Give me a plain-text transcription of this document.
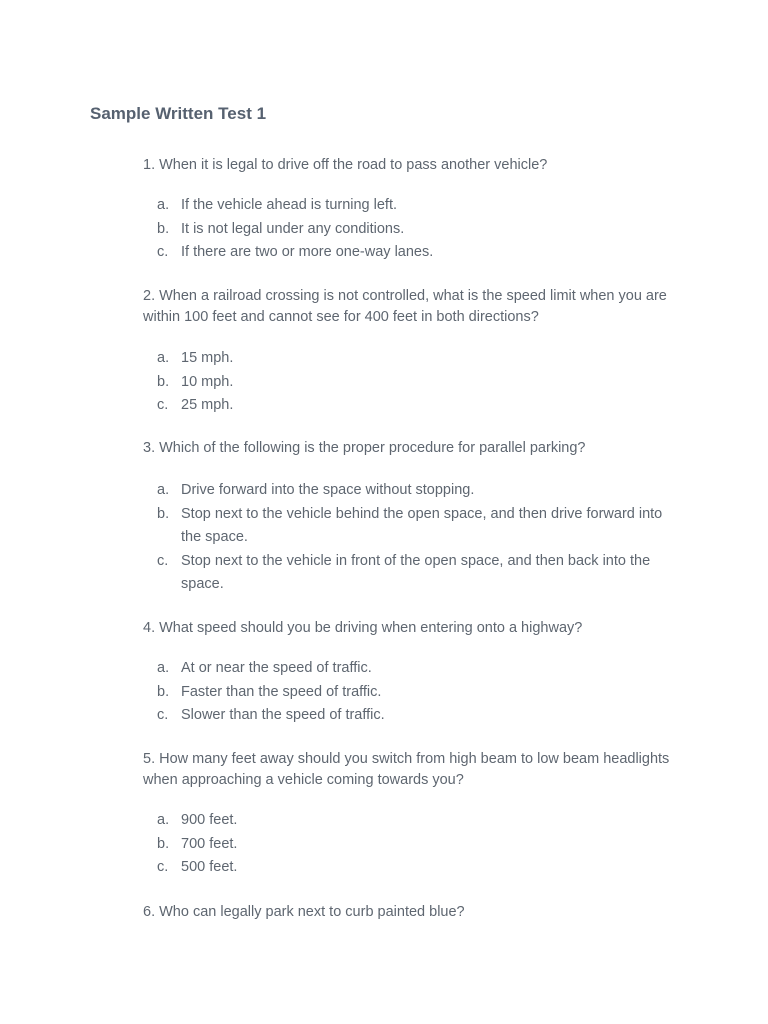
Sample Written Test 1

1. When it is legal to drive off the road to pass another vehicle?

a. If the vehicle ahead is turning left.
b. It is not legal under any conditions.
c. If there are two or more one-way lanes.

2. When a railroad crossing is not controlled, what is the speed limit when you are within 100 feet and cannot see for 400 feet in both directions?

a. 15 mph.
b. 10 mph.
c. 25 mph.

3. Which of the following is the proper procedure for parallel parking?

a. Drive forward into the space without stopping.
b. Stop next to the vehicle behind the open space, and then drive forward into the space.
c. Stop next to the vehicle in front of the open space, and then back into the space.

4. What speed should you be driving when entering onto a highway?

a. At or near the speed of traffic.
b. Faster than the speed of traffic.
c. Slower than the speed of traffic.

5. How many feet away should you switch from high beam to low beam headlights when approaching a vehicle coming towards you?

a. 900 feet.
b. 700 feet.
c. 500 feet.

6. Who can legally park next to curb painted blue?
